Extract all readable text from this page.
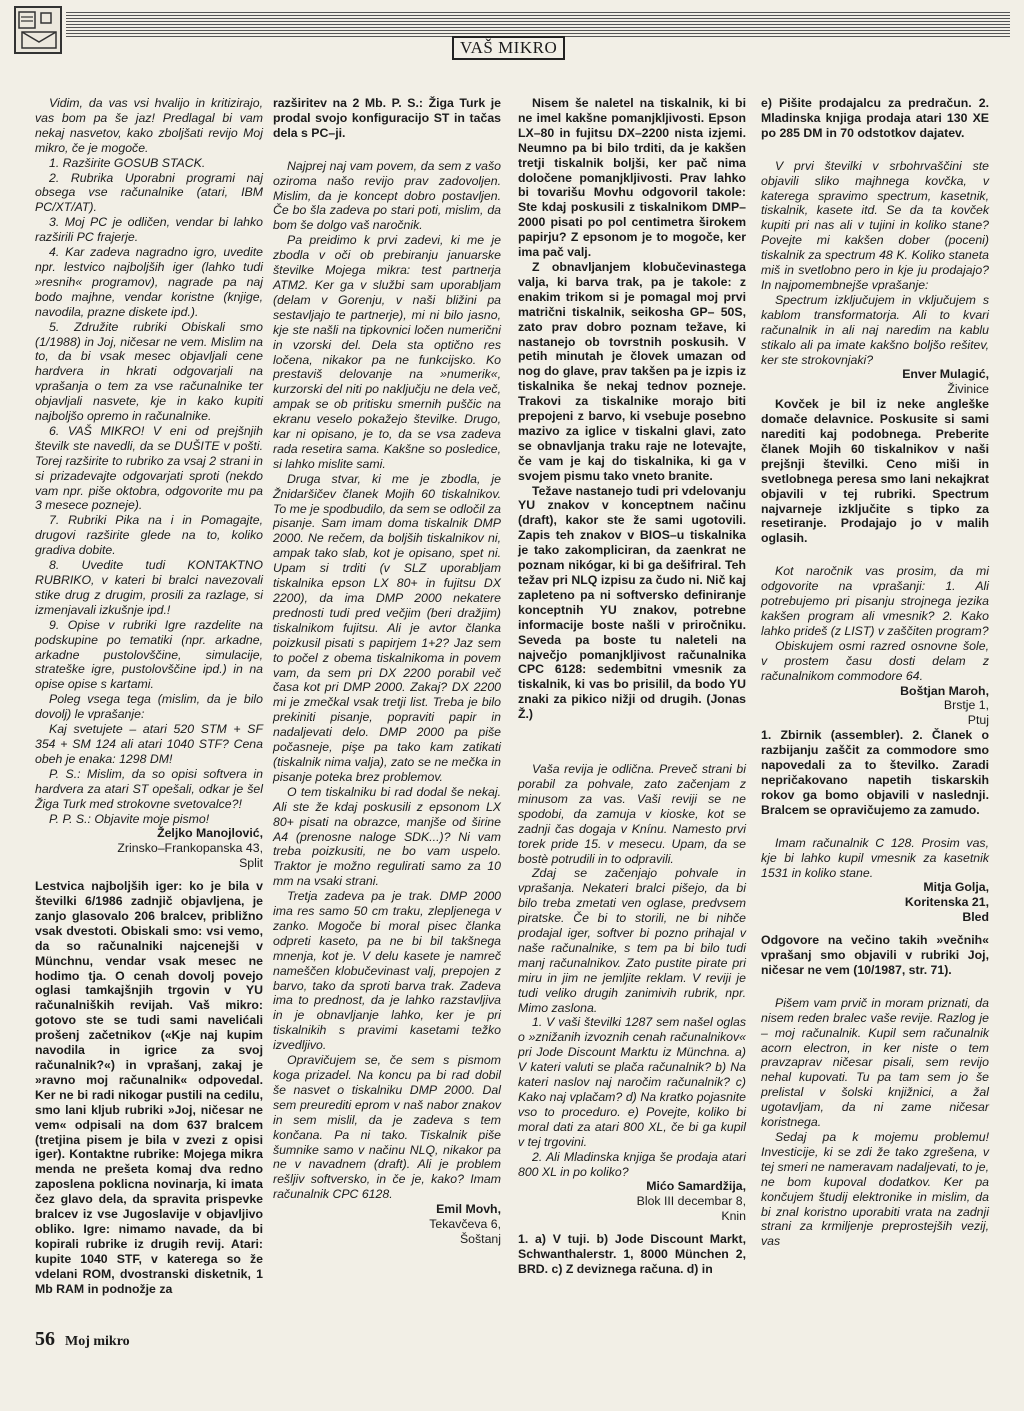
VAŠ MIKRO

Vidim, da vas vsi hvalijo in kritizirajo, vas bom pa še jaz! Predlagal bi vam nekaj nasvetov, kako zboljšati revijo Moj mikro, če je mogoče.

1. Razširite GOSUB STACK.

2. Rubrika Uporabni programi naj obsega vse računalnike (atari, IBM PC/XT/AT).

3. Moj PC je odličen, vendar bi lahko razširili PC frajerje.

4. Kar zadeva nagradno igro, uvedite npr. lestvico najboljših iger (lahko tudi »resnih« programov), nagrade pa naj bodo majhne, vendar koristne (knjige, navodila, prazne diskete ipd.).

5. Združite rubriki Obiskali smo (1/1988) in Joj, ničesar ne vem. Mislim na to, da bi vsak mesec objavljali cene hardvera in hkrati odgovarjali na vprašanja o tem za vse računalnike ter objavljali nasvete, kje in kako kupiti najboljšo opremo in računalnike.

6. VAŠ MIKRO! V eni od prejšnjih številk ste navedli, da se DUŠITE v pošti. Torej razširite to rubriko za vsaj 2 strani in si prizadevajte odgovarjati sproti (nekdo vam npr. piše oktobra, odgovorite mu pa 3 mesece pozneje).

7. Rubriki Pika na i in Pomagajte, drugovi razširite glede na to, koliko gradiva dobite.

8. Uvedite tudi KONTAKTNO RUBRIKO, v kateri bi bralci navezovali stike drug z drugim, prosili za razlage, si izmenjavali izkušnje ipd.!

9. Opise v rubriki Igre razdelite na podskupine po tematiki (npr. arkadne, arkadne pustolovščine, simulacije, strateške igre, pustolovščine ipd.) in na opise opise s kartami.

Poleg vsega tega (mislim, da je bilo dovolj) le vprašanje:

Kaj svetujete – atari 520 STM + SF 354 + SM 124 ali atari 1040 STF? Cena obeh je enaka: 1298 DM!

P. S.: Mislim, da so opisi softvera in hardvera za atari ST opešali, odkar je šel Žiga Turk med strokovne svetovalce?!

P. P. S.: Objavite moje pismo!

Željko Manojlović,

Zrinsko–Frankopanska 43,

Split

Lestvica najboljših iger: ko je bila v številki 6/1986 zadnjič objavljena, je zanjo glasovalo 206 bralcev, približno vsak dvestoti. Obiskali smo: vsi vemo, da so računalniki najcenejši v Münchnu, vendar vsak mesec ne hodimo tja. O cenah dovolj povejo oglasi tamkajšnjih trgovin v YU računalniških revijah. Vaš mikro: gotovo ste se tudi sami navelićali prošenj začetnikov («Kje naj kupim navodila in igrice za svoj računalnik?«) in vprašanj, zakaj je »ravno moj računalnik« odpovedal. Ker ne bi radi nikogar pustili na cedilu, smo lani kljub rubriki »Joj, ničesar ne vem« odpisali na dom 637 bralcem (tretjina pisem je bila v zvezi z opisi iger). Kontaktne rubrike: Mojega mikra menda ne prešeta komaj dva redno zaposlena poklicna novinarja, ki imata čez glavo dela, da spravita prispevke bralcev iz vse Jugoslavije v objavljivo obliko. Igre: nimamo navade, da bi kopirali rubrike iz drugih revij. Atari: kupite 1040 STF, v katerega so že vdelani ROM, dvostranski disketnik, 1 Mb RAM in podnožje za

razširitev na 2 Mb. P. S.: Žiga Turk je prodal svojo konfiguracijo ST in tačas dela s PC–ji.

Najprej naj vam povem, da sem z vašo oziroma našo revijo prav zadovoljen. Mislim, da je koncept dobro postavljen. Če bo šla zadeva po stari poti, mislim, da bom še dolgo vaš naročnik.

Pa preidimo k prvi zadevi, ki me je zbodla v oči ob prebiranju januarske številke Mojega mikra: test partnerja ATM2. Ker ga v službi sam uporabljam (delam v Gorenju, v naši bližini pa sestavljajo te partnerje), mi ni bilo jasno, kje ste našli na tipkovnici ločen numerični in vzorski del. Dela sta optično res ločena, nikakor pa ne funkcijsko. Ko prestaviš delovanje na »numerik«, kurzorski del niti po naključju ne dela več, ampak se ob pritisku smernih puščic na ekranu veselo pokažejo številke. Drugo, kar ni opisano, je to, da se vsa zadeva rada resetira sama. Kakšne so posledice, si lahko mislite sami.

Druga stvar, ki me je zbodla, je Žnidaršičev članek Mojih 60 tiskalnikov. To me je spodbudilo, da sem se odločil za pisanje. Sam imam doma tiskalnik DMP 2000. Ne rečem, da boljših tiskalnikov ni, ampak tako slab, kot je opisano, spet ni. Upam si trditi (v SLZ uporabljam tiskalnika epson LX 80+ in fujitsu DX 2200), da ima DMP 2000 nekatere prednosti tudi pred večjim (beri dražjim) tiskalnikom fujitsu. Ali je avtor članka poizkusil pisati s papirjem 1+2? Jaz sem to počel z obema tiskalnikoma in povem vam, da sem pri DX 2200 porabil več časa kot pri DMP 2000. Zakaj? DX 2200 mi je zmečkal vsak tretji list. Treba je bilo prekiniti pisanje, popraviti papir in nadaljevati delo. DMP 2000 pa piše počasneje, pişe pa tako kam zatikati (tiskalnik nima valja), zato se ne mečka in pisanje poteka brez problemov.

O tem tiskalniku bi rad dodal še nekaj. Ali ste že kdaj poskusili z epsonom LX 80+ pisati na obrazce, manjše od širine A4 (prenosne naloge SDK...)? Ni vam treba poizkusiti, ne bo vam uspelo. Traktor je možno regulirati samo za 10 mm na vsaki strani.

Tretja zadeva pa je trak. DMP 2000 ima res samo 50 cm traku, zlepljenega v zanko. Mogoče bi moral pisec članka odpreti kaseto, pa ne bi bil takšnega mnenja, kot je. V delu kasete je namreč nameščen klobučevinast valj, prepojen z barvo, tako da sproti barva trak. Zadeva ima to prednost, da je lahko razstavljiva in je obnavljanje lahko, ker je pri tiskalnikih s pravimi kasetami težko izvedljivo.

Opravičujem se, če sem s pismom koga prizadel. Na koncu pa bi rad dobil še nasvet o tiskalniku DMP 2000. Dal sem preurediti eprom v naš nabor znakov in sem mislil, da je zadeva s tem končana. Pa ni tako. Tiskalnik piše šumnike samo v načinu NLQ, nikakor pa ne v navadnem (draft). Ali je problem rešljiv softversko, in če je, kako? Imam računalnik CPC 6128.

Emil Movh,

Tekavčeva 6,

Šoštanj

Nisem še naletel na tiskalnik, ki bi ne imel kakšne pomanjkljivosti. Epson LX–80 in fujitsu DX–2200 nista izjemi. Neumno pa bi bilo trditi, da je kakšen tretji tiskalnik boljši, ker pač nima določene pomanjkljivosti. Prav lahko bi tovarišu Movhu odgovoril takole: Ste kdaj poskusili z tiskalnikom DMP–2000 pisati po pol centimetra širokem papirju? Z epsonom je to mogoče, ker ima pač valj.

Z obnavljanjem klobučevinastega valja, ki barva trak, pa je takole: z enakim trikom si je pomagal moj prvi matrični tiskalnik, seikosha GP– 50S, zato prav dobro poznam težave, ki nastanejo ob tovrstnih poskusih. V petih minutah je človek umazan od nog do glave, prav takšen pa je izpis iz tiskalnika še nekaj tednov pozneje. Trakovi za tiskalnike morajo biti prepojeni z barvo, ki vsebuje posebno mazivo za iglice v tiskalni glavi, zato se obnavljanja traku raje ne lotevajte, če vam je kaj do tiskalnika, ki ga v svojem pismu tako vneto branite.

Težave nastanejo tudi pri vdelovanju YU znakov v konceptnem načinu (draft), kakor ste že sami ugotovili. Zapis teh znakov v BIOS–u tiskalnika je tako zakompliciran, da zaenkrat ne poznam nikógar, ki bi ga dešifriral. Teh težav pri NLQ izpisu za čudo ni. Nič kaj zapleteno pa ni softversko definiranje konceptnih YU znakov, potrebne informacije boste našli v priročniku. Seveda pa boste tu naleteli na največjo pomanjkljivost računalnika CPC 6128: sedembitni vmesnik za tiskalnik, ki vas bo prisilil, da bodo YU znaki za pikico nižji od drugih. (Jonas Ž.)

Vaša revija je odlična. Preveč strani bi porabil za pohvale, zato začenjam z minusom za vas. Vaši reviji se ne spodobi, da zamuja v kioske, kot se zadnji čas dogaja v Knínu. Namesto prvi torek pride 15. v mesecu. Upam, da se bostè potrudili in to odpravili.

Zdaj se začenjajo pohvale in vprašanja. Nekateri bralci pišejo, da bi bilo treba zmetati ven oglase, predvsem piratske. Če bi to storili, ne bi nihče prodajal iger, softver bi pozno prihajal v naše računalnike, s tem pa bi bilo tudi manj računalnikov. Zato pustite pirate pri miru in jim ne jemljite reklam. V reviji je tudi veliko drugih zanimivih rubrik, npr. Mimo zaslona.

1. V vaši številki 1287 sem našel oglas o »znižanih izvoznih cenah računalnikov« pri Jode Discount Marktu iz Münchna. a) V kateri valuti se plača računalnik? b) Na kateri naslov naj naročim računalnik? c) Kako naj vplačam? d) Na kratko pojasnite vso to proceduro. e) Povejte, koliko bi moral dati za atari 800 XL, če bi ga kupil v tej trgovini.

2. Ali Mladinska knjiga še prodaja atari 800 XL in po koliko?

Mićo Samardžija,

Blok III decembar 8,

Knin

1. a) V tuji. b) Jode Discount Markt, Schwanthalerstr. 1, 8000 München 2, BRD. c) Z deviznega računa. d) in

e) Pišite prodajalcu za predračun. 2. Mladinska knjiga prodaja atari 130 XE po 285 DM in 70 odstotkov dajatev.

V prvi številki v srbohrvaščini ste objavili sliko majhnega kovčka, v katerega spravimo spectrum, kasetnik, tiskalnik, kasete itd. Se da ta kovček kupiti pri nas ali v tujini in koliko stane? Povejte mi kakšen dober (poceni) tiskalnik za spectrum 48 K. Koliko staneta miš in svetlobno pero in kje ju prodajajo? In najpomembnejše vprašanje:

Spectrum izključujem in vključujem s kablom transformatorja. Ali to kvari računalnik in ali naj naredim na kablu stikalo ali pa imate kakšno boljšo rešitev, ker ste strokovnjaki?

Enver Mulagić,

Živinice

Kovček je bil iz neke angleške domače delavnice. Poskusite si sami narediti kaj podobnega. Preberite članek Mojih 60 tiskalnikov v naši prejšnji številki. Ceno miši in svetlobnega peresa smo lani nekajkrat objavili v tej rubriki. Spectrum najvarneje izključite s tipko za resetiranje. Prodajajo jo v malih oglasih.

Kot naročnik vas prosim, da mi odgovorite na vprašanji: 1. Ali potrebujemo pri pisanju strojnega jezika kakšen program ali vmesnik? 2. Kako lahko prideš (z LIST) v zaščiten program?

Obiskujem osmi razred osnovne šole, v prostem času dosti delam z računalnikom commodore 64.

Boštjan Maroh,

Brstje 1,

Ptuj

1. Zbirnik (assembler). 2. Članek o razbijanju zaščit za commodore smo napovedali za to številko. Zaradi nepričakovano napetih tiskarskih rokov ga bomo objavili v naslednji. Bralcem se opravičujemo za zamudo.

Imam računalnik C 128. Prosim vas, kje bi lahko kupil vmesnik za kasetnik 1531 in koliko stane.

Mitja Golja,

Koritenska 21,

Bled

Odgovore na večino takih »večnih« vprašanj smo objavili v rubriki Joj, ničesar ne vem (10/1987, str. 71).

Pišem vam prvič in moram priznati, da nisem reden bralec vaše revije. Razlog je – moj računalnik. Kupil sem računalnik acorn electron, in ker niste o tem pravzaprav ničesar pisali, sem revijo nehal kupovati. Tu pa tam sem jo še prelistal v šolski knjižnici, a žal ugotavljam, da ni zame ničesar koristnega.

Sedaj pa k mojemu problemu! Investicije, ki se zdi že tako zgrešena, v tej smeri ne nameravam nadaljevati, to je, ne bom kupoval dodatkov. Ker pa končujem študij elektronike in mislim, da bi znal koristno uporabiti vrata na zadnji strani za krmiljenje preprostejših vezij, vas

56 Moj mikro
